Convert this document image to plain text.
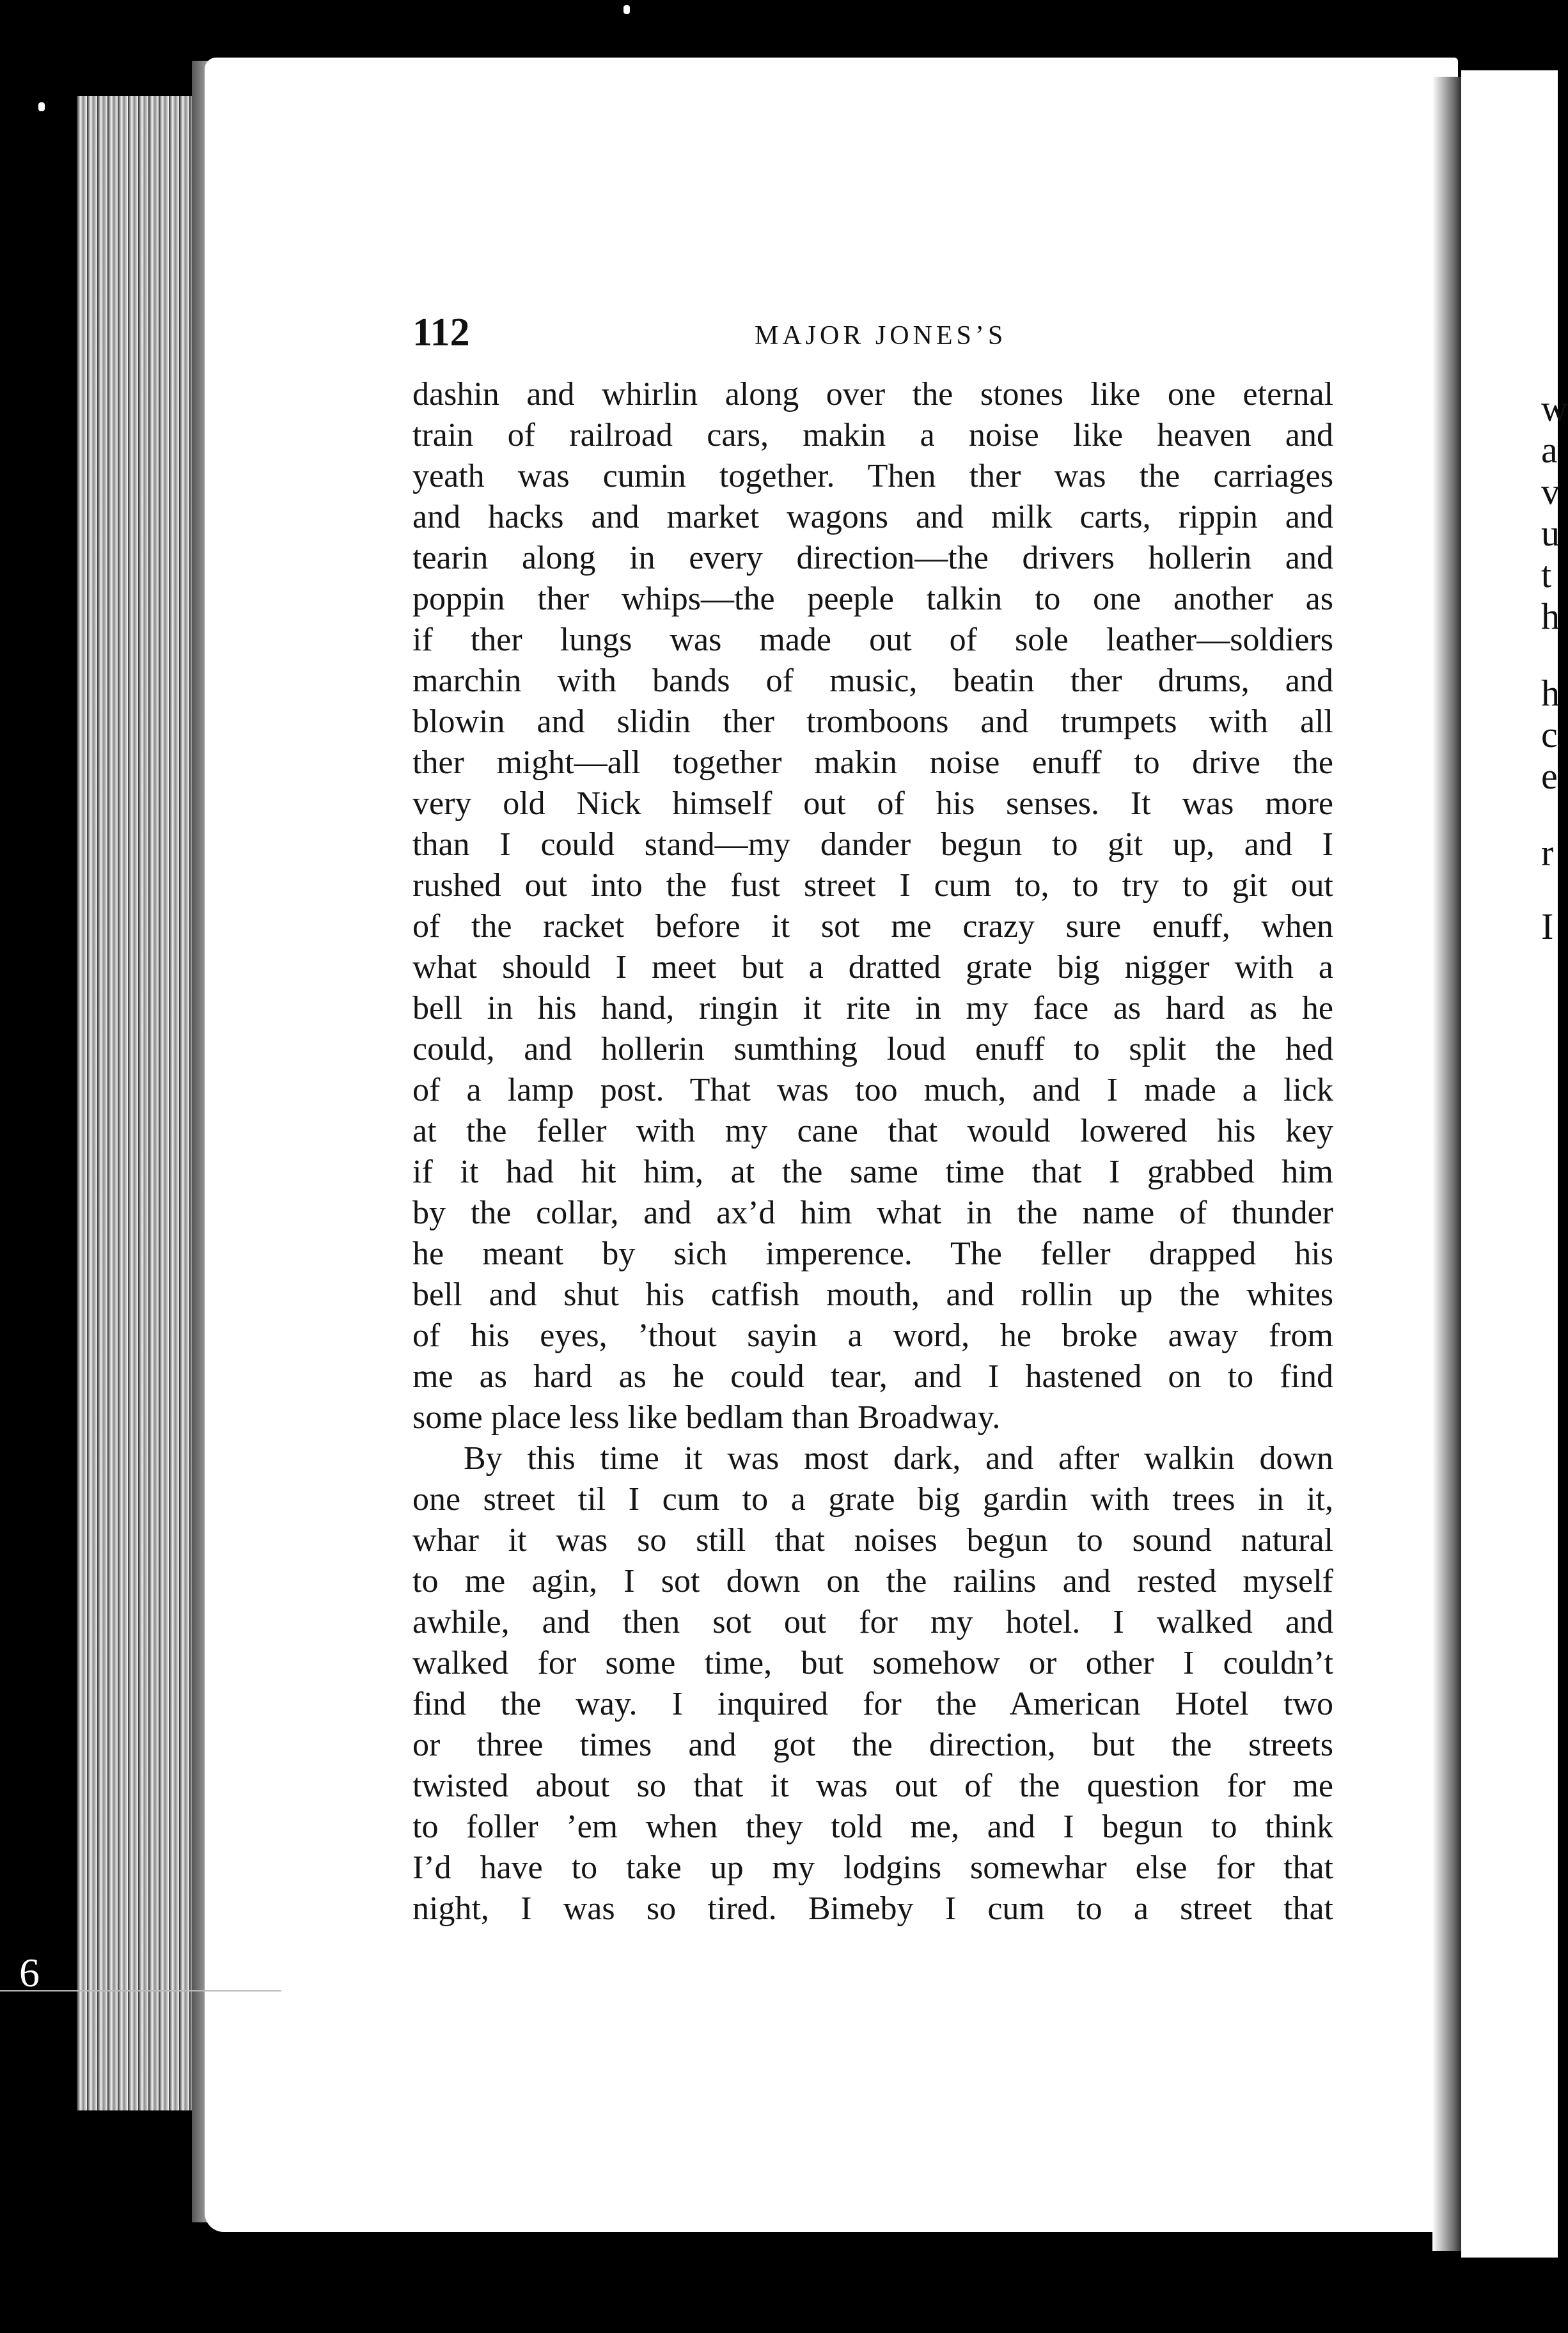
112	MAJOR JONES’S
dashin and whirlin along over the stones like one eternal
train of railroad cars, makin a noise like heaven and
yeath was cumin together. Then ther was the carriages
and hacks and market wagons and milk carts, rippin and
tearin along in every direction—the drivers hollerin and
poppin ther whips—the peeple talkin to one another as
if ther lungs was made out of sole leather—soldiers
marchin with bands of music, beatin ther drums, and
blowin and slidin ther tromboons and trumpets with all
ther might—all together makin noise enuff to drive the
very old Nick himself out of his senses. It was more
than I could stand—my dander begun to git up, and I
rushed out into the fust street I cum to, to try to git out
of the racket before it sot me crazy sure enuff, when
what should I meet but a dratted grate big nigger with a
bell in his hand, ringin it rite in my face as hard as he
could, and hollerin sumthing loud enuff to split the hed
of a lamp post. That was too much, and I made a lick
at the feller with my cane that would lowered his key
if it had hit him, at the same time that I grabbed him
by the collar, and ax’d him what in the name of thunder
he meant by sich imperence. The feller drapped his
bell and shut his catfish mouth, and rollin up the whites
of his eyes, ’thout sayin a word, he broke away from
me as hard as he could tear, and I hastened on to find
some place less like bedlam than Broadway.
By this time it was most dark, and after walkin down
one street til I cum to a grate big gardin with trees in it,
whar it was so still that noises begun to sound natural
to me agin, I sot down on the railins and rested myself
awhile, and then sot out for my hotel. I walked and
walked for some time, but somehow or other I couldn’t
find the way. I inquired for the American Hotel two
or three times and got the direction, but the streets
twisted about so that it was out of the question for me
to foller ’em when they told me, and I begun to think
I’d have to take up my lodgins somewhar else for that
night, I was so tired. Bimeby I cum to a street that
w
a
v
u
t
h
h
c
e
r
I
6
